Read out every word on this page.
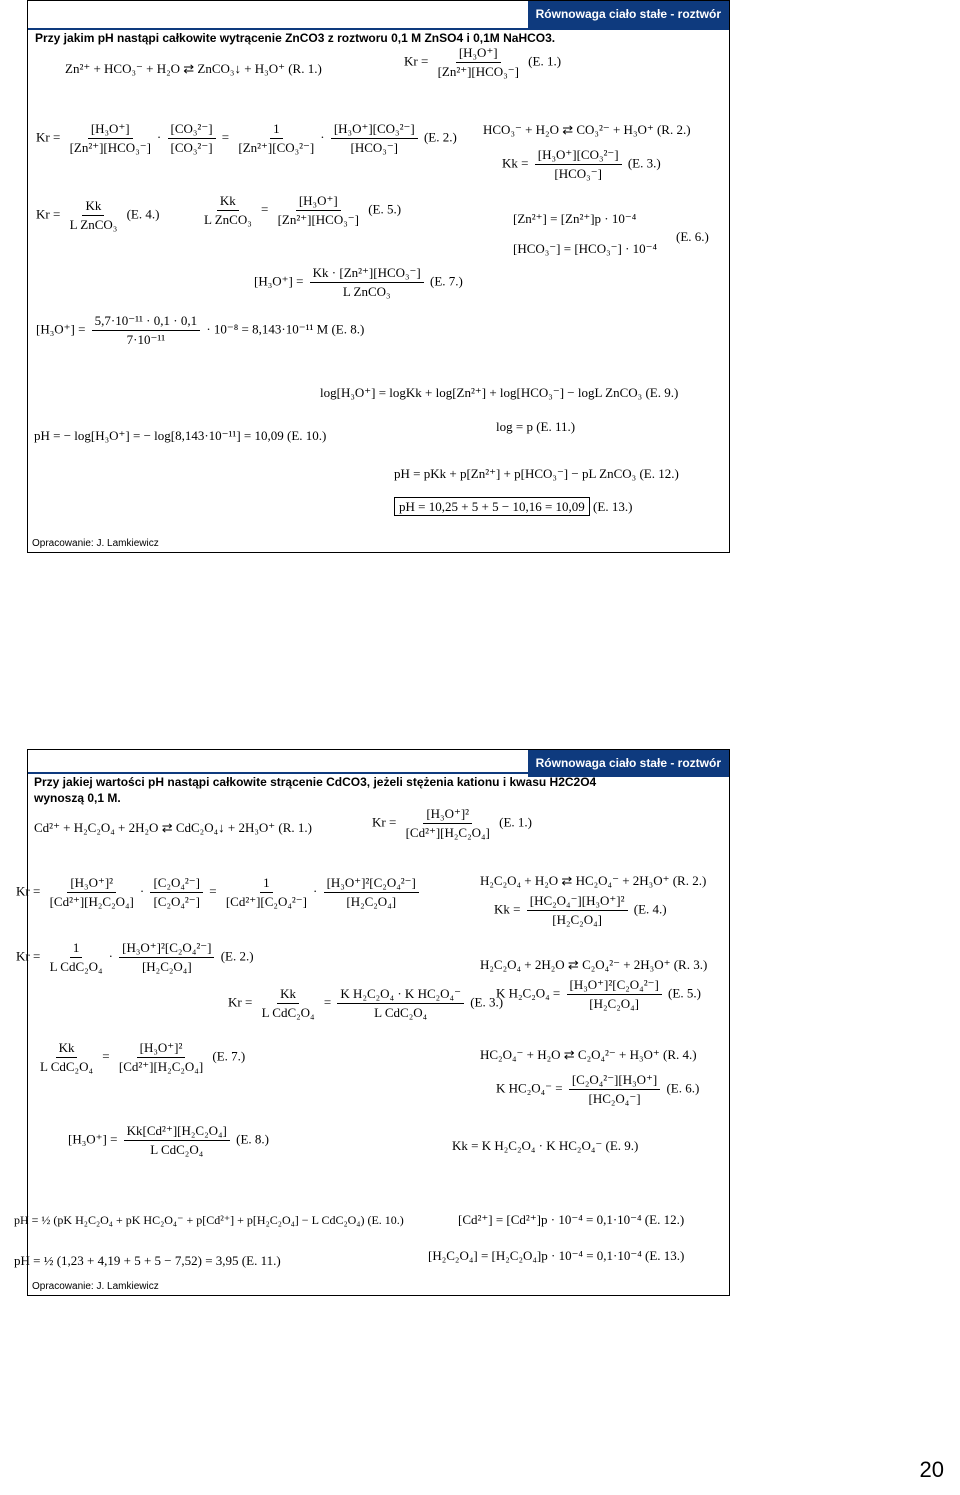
Równowaga ciało stałe - roztwór
Przy jakim pH nastąpi całkowite wytrącenie ZnCO3 z roztworu 0,1 M ZnSO4 i 0,1M NaHCO3.
Zn²⁺ + HCO₃⁻ + H₂O ⇄ ZnCO₃↓ + H₃O⁺ (R. 1.)
$Kr = \frac{\text{[H₃O⁺]}}{\text{[Zn²⁺][HCO₃⁻]}} (E$. 1.)
$Kr = \frac{\text{[H₃O⁺]}}{\text{[Zn²⁺][HCO₃⁻]}} \cdot \frac{\text{[CO₃²⁻]}}{\text{[CO₃²⁻]}} = \frac{1}{\text{[Zn²⁺][CO₃²⁻]}} \cdot \frac{\text{[H₃O⁺][CO₃²⁻]}}{\text{[HCO₃⁻]}} (E$. 2.) HCO₃⁻ + H₂O ⇄ CO₃²⁻ + H₃O⁺ (R. 2.)
$Kk = \frac{\text{[H₃O⁺][CO₃²⁻]}}{\text{[HCO₃⁻]}} (E$. 3.)
$Kr = \frac{Kk}{\text{L ZnCO₃}} (E$. 4.)	$\frac{Kk}{\text{L ZnCO₃}} = \frac{\text{[H₃O⁺]}}{\text{[Zn²⁺][HCO₃⁻]}} (E$. 5.)
[Zn²⁺] = [Zn²⁺]p · 10⁻⁴
[HCO₃⁻] = [HCO₃⁻] · 10⁻⁴
(E. 6.)
$[H_3O^+] = \frac{\text{Kk · [Zn²⁺][HCO₃⁻]}}{\text{L ZnCO₃}} (E$. 7.)
$[H_3O^+] = \frac{\text{5,7·10⁻¹¹ · 0,1 · 0,1}}{\text{7·10⁻¹¹}} \cdot 10^{-8} = 8,143\cdot 10^{-11}$ M (E. 8.)
log[H₃O⁺] = logKk + log[Zn²⁺] + log[HCO₃⁻] − logL ZnCO₃ (E. 9.)
pH = − log[H₃O⁺] = − log[8,143·10⁻¹¹] = 10,09 (E. 10.)
log = p (E. 11.)
pH = pKk + p[Zn²⁺] + p[HCO₃⁻] − pL ZnCO₃ (E. 12.)
pH = 10,25 + 5 + 5 − 10,16 = 10,09 (E. 13.)
Opracowanie: J. Lamkiewicz
Równowaga ciało stałe - roztwór
Przy jakiej wartości pH nastąpi całkowite strącenie CdCO3, jeżeli stężenia kationu i kwasu H2C2O4
wynoszą 0,1 M.
Cd²⁺ + H₂C₂O₄ + 2H₂O ⇄ CdC₂O₄↓ + 2H₃O⁺ (R. 1.)	$Kr = \frac{\text{[H₃O⁺]²}}{\text{[Cd²⁺][H₂C₂O₄]}} (E$. 1.)
$Kr = \frac{\text{[H₃O⁺]²}}{\text{[Cd²⁺][H₂C₂O₄]}} \cdot \frac{\text{[C₂O₄²⁻]}}{\text{[C₂O₄²⁻]}} = \frac{1}{\text{[Cd²⁺][C₂O₄²⁻]}} \cdot \frac{\text{[H₃O⁺]²[C₂O₄²⁻]}}{\text{[H₂C₂O₄]}}$
$Kr = \frac{1}{\text{L CdC₂O₄}} \cdot \frac{\text{[H₃O⁺]²[C₂O₄²⁻]}}{\text{[H₂C₂O₄]}} (E$. 2.)
$Kr = \frac{Kk}{\text{L CdC₂O₄}} = \frac{\text{K H₂C₂O₄ · K HC₂O₄⁻}}{\text{L CdC₂O₄}} (E$. 3.)
$\frac{Kk}{\text{L CdC₂O₄}} = \frac{\text{[H₃O⁺]²}}{\text{[Cd²⁺][H₂C₂O₄]}} (E$. 7.)
$[H_3O^+] = \frac{\text{Kk[Cd²⁺][H₂C₂O₄]}}{\text{L CdC₂O₄}} (E$. 8.)
H₂C₂O₄ + H₂O ⇄ HC₂O₄⁻ + 2H₃O⁺ (R. 2.)
$Kk = \frac{\text{[HC₂O₄⁻][H₃O⁺]²}}{\text{[H₂C₂O₄]}} (E$. 4.)
H₂C₂O₄ + 2H₂O ⇄ C₂O₄²⁻ + 2H₃O⁺ (R. 3.)
K $H_2C_2O_4 = \frac{\text{[H₃O⁺]²[C₂O₄²⁻]}}{\text{[H₂C₂O₄]}} (E$. 5.)
HC₂O₄⁻ + H₂O ⇄ C₂O₄²⁻ + H₃O⁺ (R. 4.)
K $HC_2O_4^- = \frac{\text{[C₂O₄²⁻][H₃O⁺]}}{\text{[HC₂O₄⁻]}} (E$. 6.)
Kk = K H₂C₂O₄ · K HC₂O₄⁻ (E. 9.)
pH = ½ (pK H₂C₂O₄ + pK HC₂O₄⁻ + p[Cd²⁺] + p[H₂C₂O₄] − L CdC₂O₄) (E. 10.)
pH = ½ (1,23 + 4,19 + 5 + 5 − 7,52) = 3,95 (E. 11.)
[Cd²⁺] = [Cd²⁺]p · 10⁻⁴ = 0,1·10⁻⁴ (E. 12.)
[H₂C₂O₄] = [H₂C₂O₄]p · 10⁻⁴ = 0,1·10⁻⁴ (E. 13.)
Opracowanie: J. Lamkiewicz
20
